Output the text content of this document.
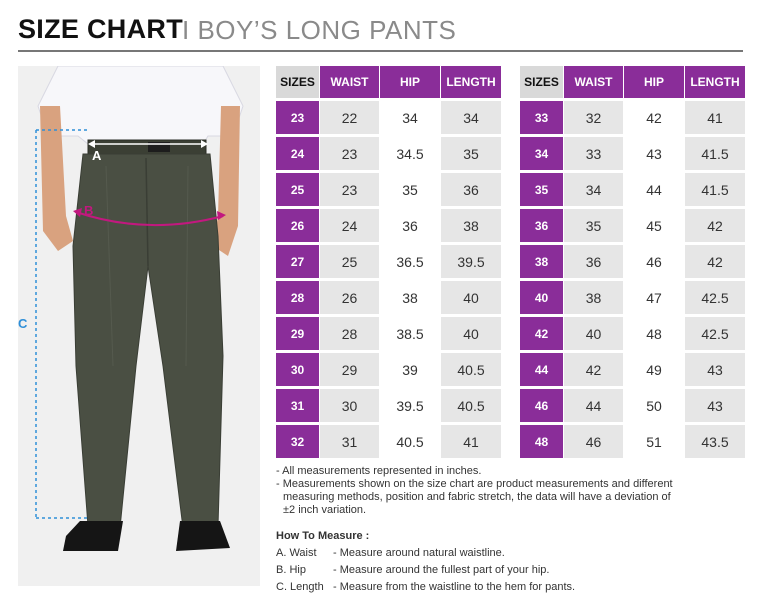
SIZE CHART I BOY’S LONG PANTS
A
B
C
SIZES	WAIST	HIP	LENGTH
23	22	34	34
24	23	34.5	35
25	23	35	36
26	24	36	38
27	25	36.5	39.5
28	26	38	40
29	28	38.5	40
30	29	39	40.5
31	30	39.5	40.5
32	31	40.5	41
SIZES	WAIST	HIP	LENGTH
33	32	42	41
34	33	43	41.5
35	34	44	41.5
36	35	45	42
38	36	46	42
40	38	47	42.5
42	40	48	42.5
44	42	49	43
46	44	50	43
48	46	51	43.5
- All measurements represented in inches.
- Measurements shown on the size chart are product measurements and different
measuring methods, position and fabric stretch, the data will have a deviation of
±2 inch variation.
How To Measure :
A. Waist	- Measure around natural waistline.
B. Hip	- Measure around the fullest part of your hip.
C. Length - Measure from the waistline to the hem for pants.
